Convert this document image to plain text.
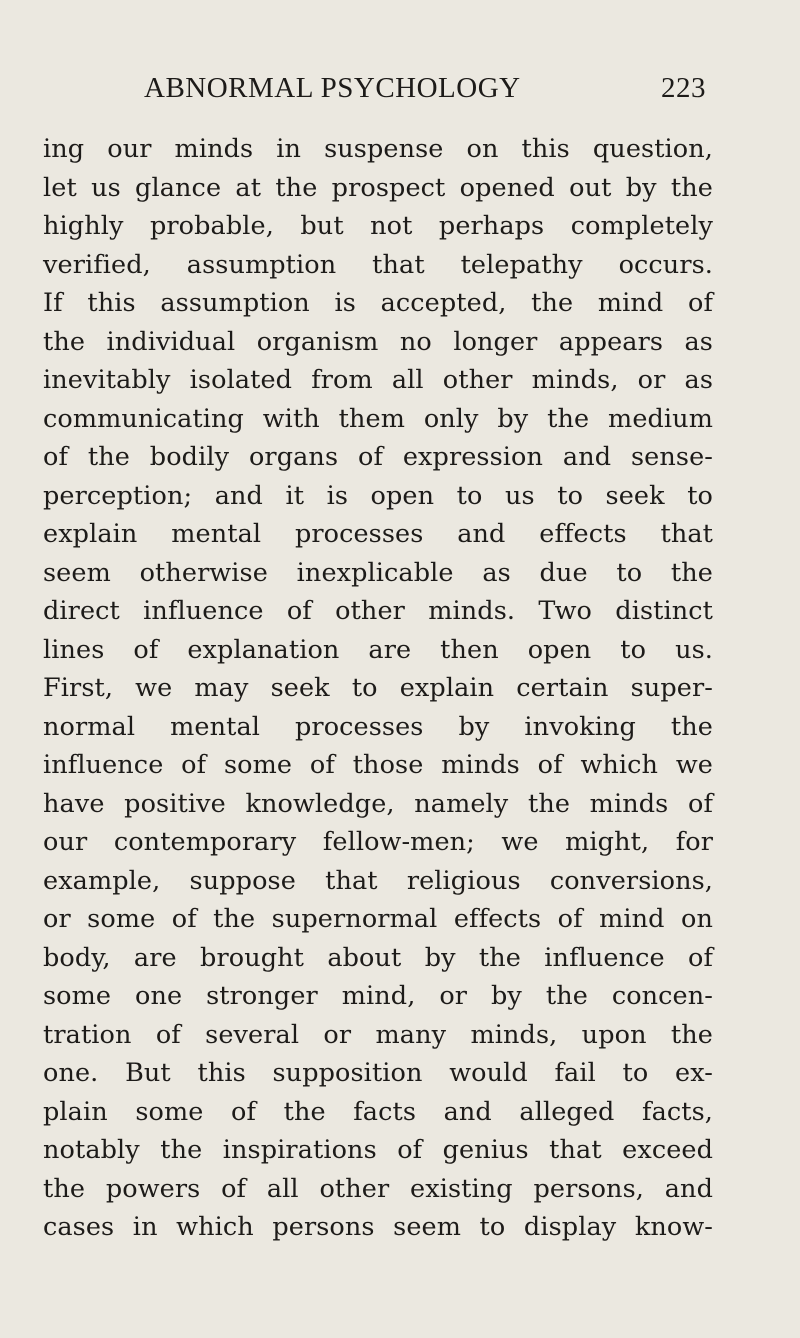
ABNORMAL PSYCHOLOGY	223
ing our minds in suspense on this question,
let us glance at the prospect opened out by the
highly probable, but not perhaps completely
verified, assumption that telepathy occurs.
If this assumption is accepted, the mind of
the individual organism no longer appears as
inevitably isolated from all other minds, or as
communicating with them only by the medium
of the bodily organs of expression and sense-
perception; and it is open to us to seek to
explain mental processes and effects that
seem otherwise inexplicable as due to the
direct influence of other minds. Two distinct
lines of explanation are then open to us.
First, we may seek to explain certain super-
normal mental processes by invoking the
influence of some of those minds of which we
have positive knowledge, namely the minds of
our contemporary fellow-men; we might, for
example, suppose that religious conversions,
or some of the supernormal effects of mind on
body, are brought about by the influence of
some one stronger mind, or by the concen-
tration of several or many minds, upon the
one. But this supposition would fail to ex-
plain some of the facts and alleged facts,
notably the inspirations of genius that exceed
the powers of all other existing persons, and
cases in which persons seem to display know-
